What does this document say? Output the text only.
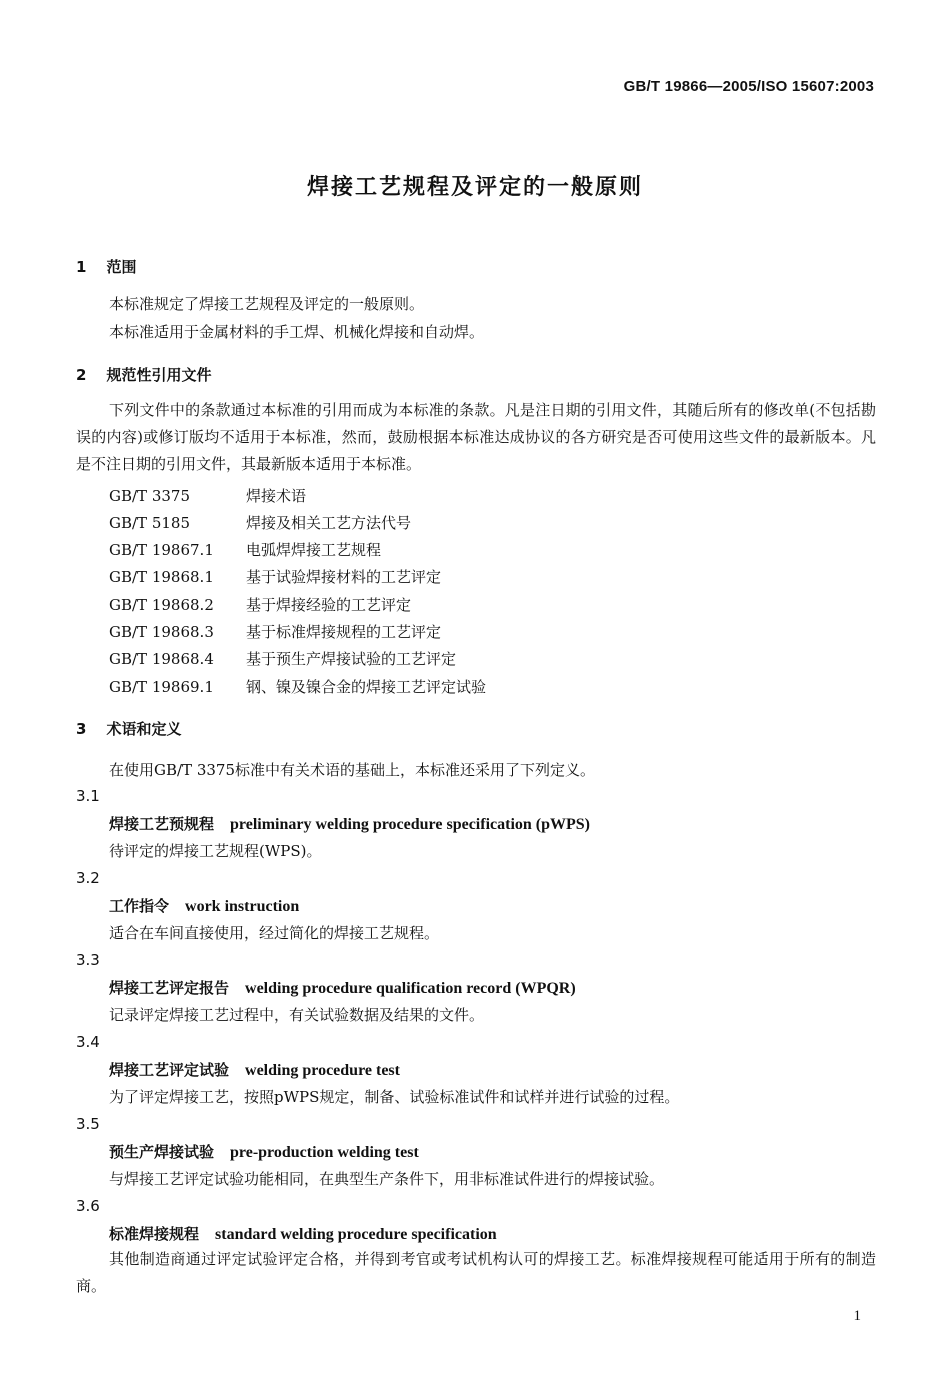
GB/T 19866—2005/ISO 15607:2003
焊接工艺规程及评定的一般原则
1 范围
本标准规定了焊接工艺规程及评定的一般原则。
本标准适用于金属材料的手工焊、机械化焊接和自动焊。
2 规范性引用文件
下列文件中的条款通过本标准的引用而成为本标准的条款。凡是注日期的引用文件，其随后所有的修改单(不包括勘误的内容)或修订版均不适用于本标准，然而，鼓励根据本标准达成协议的各方研究是否可使用这些文件的最新版本。凡是不注日期的引用文件，其最新版本适用于本标准。
GB/T 3375	焊接术语
GB/T 5185	焊接及相关工艺方法代号
GB/T 19867.1 电弧焊焊接工艺规程
GB/T 19868.1 基于试验焊接材料的工艺评定
GB/T 19868.2 基于焊接经验的工艺评定
GB/T 19868.3 基于标准焊接规程的工艺评定
GB/T 19868.4 基于预生产焊接试验的工艺评定
GB/T 19869.1 钢、镍及镍合金的焊接工艺评定试验
3 术语和定义
在使用GB/T 3375标准中有关术语的基础上，本标准还采用了下列定义。
3.1
焊接工艺预规程 preliminary welding procedure specification (pWPS)
待评定的焊接工艺规程(WPS)。
3.2
工作指令 work instruction
适合在车间直接使用，经过简化的焊接工艺规程。
3.3
焊接工艺评定报告 welding procedure qualification record (WPQR)
记录评定焊接工艺过程中，有关试验数据及结果的文件。
3.4
焊接工艺评定试验 welding procedure test
为了评定焊接工艺，按照pWPS规定，制备、试验标准试件和试样并进行试验的过程。
3.5
预生产焊接试验 pre-production welding test
与焊接工艺评定试验功能相同，在典型生产条件下，用非标准试件进行的焊接试验。
3.6
标准焊接规程 standard welding procedure specification
其他制造商通过评定试验评定合格，并得到考官或考试机构认可的焊接工艺。标准焊接规程可能适用于所有的制造商。
1
